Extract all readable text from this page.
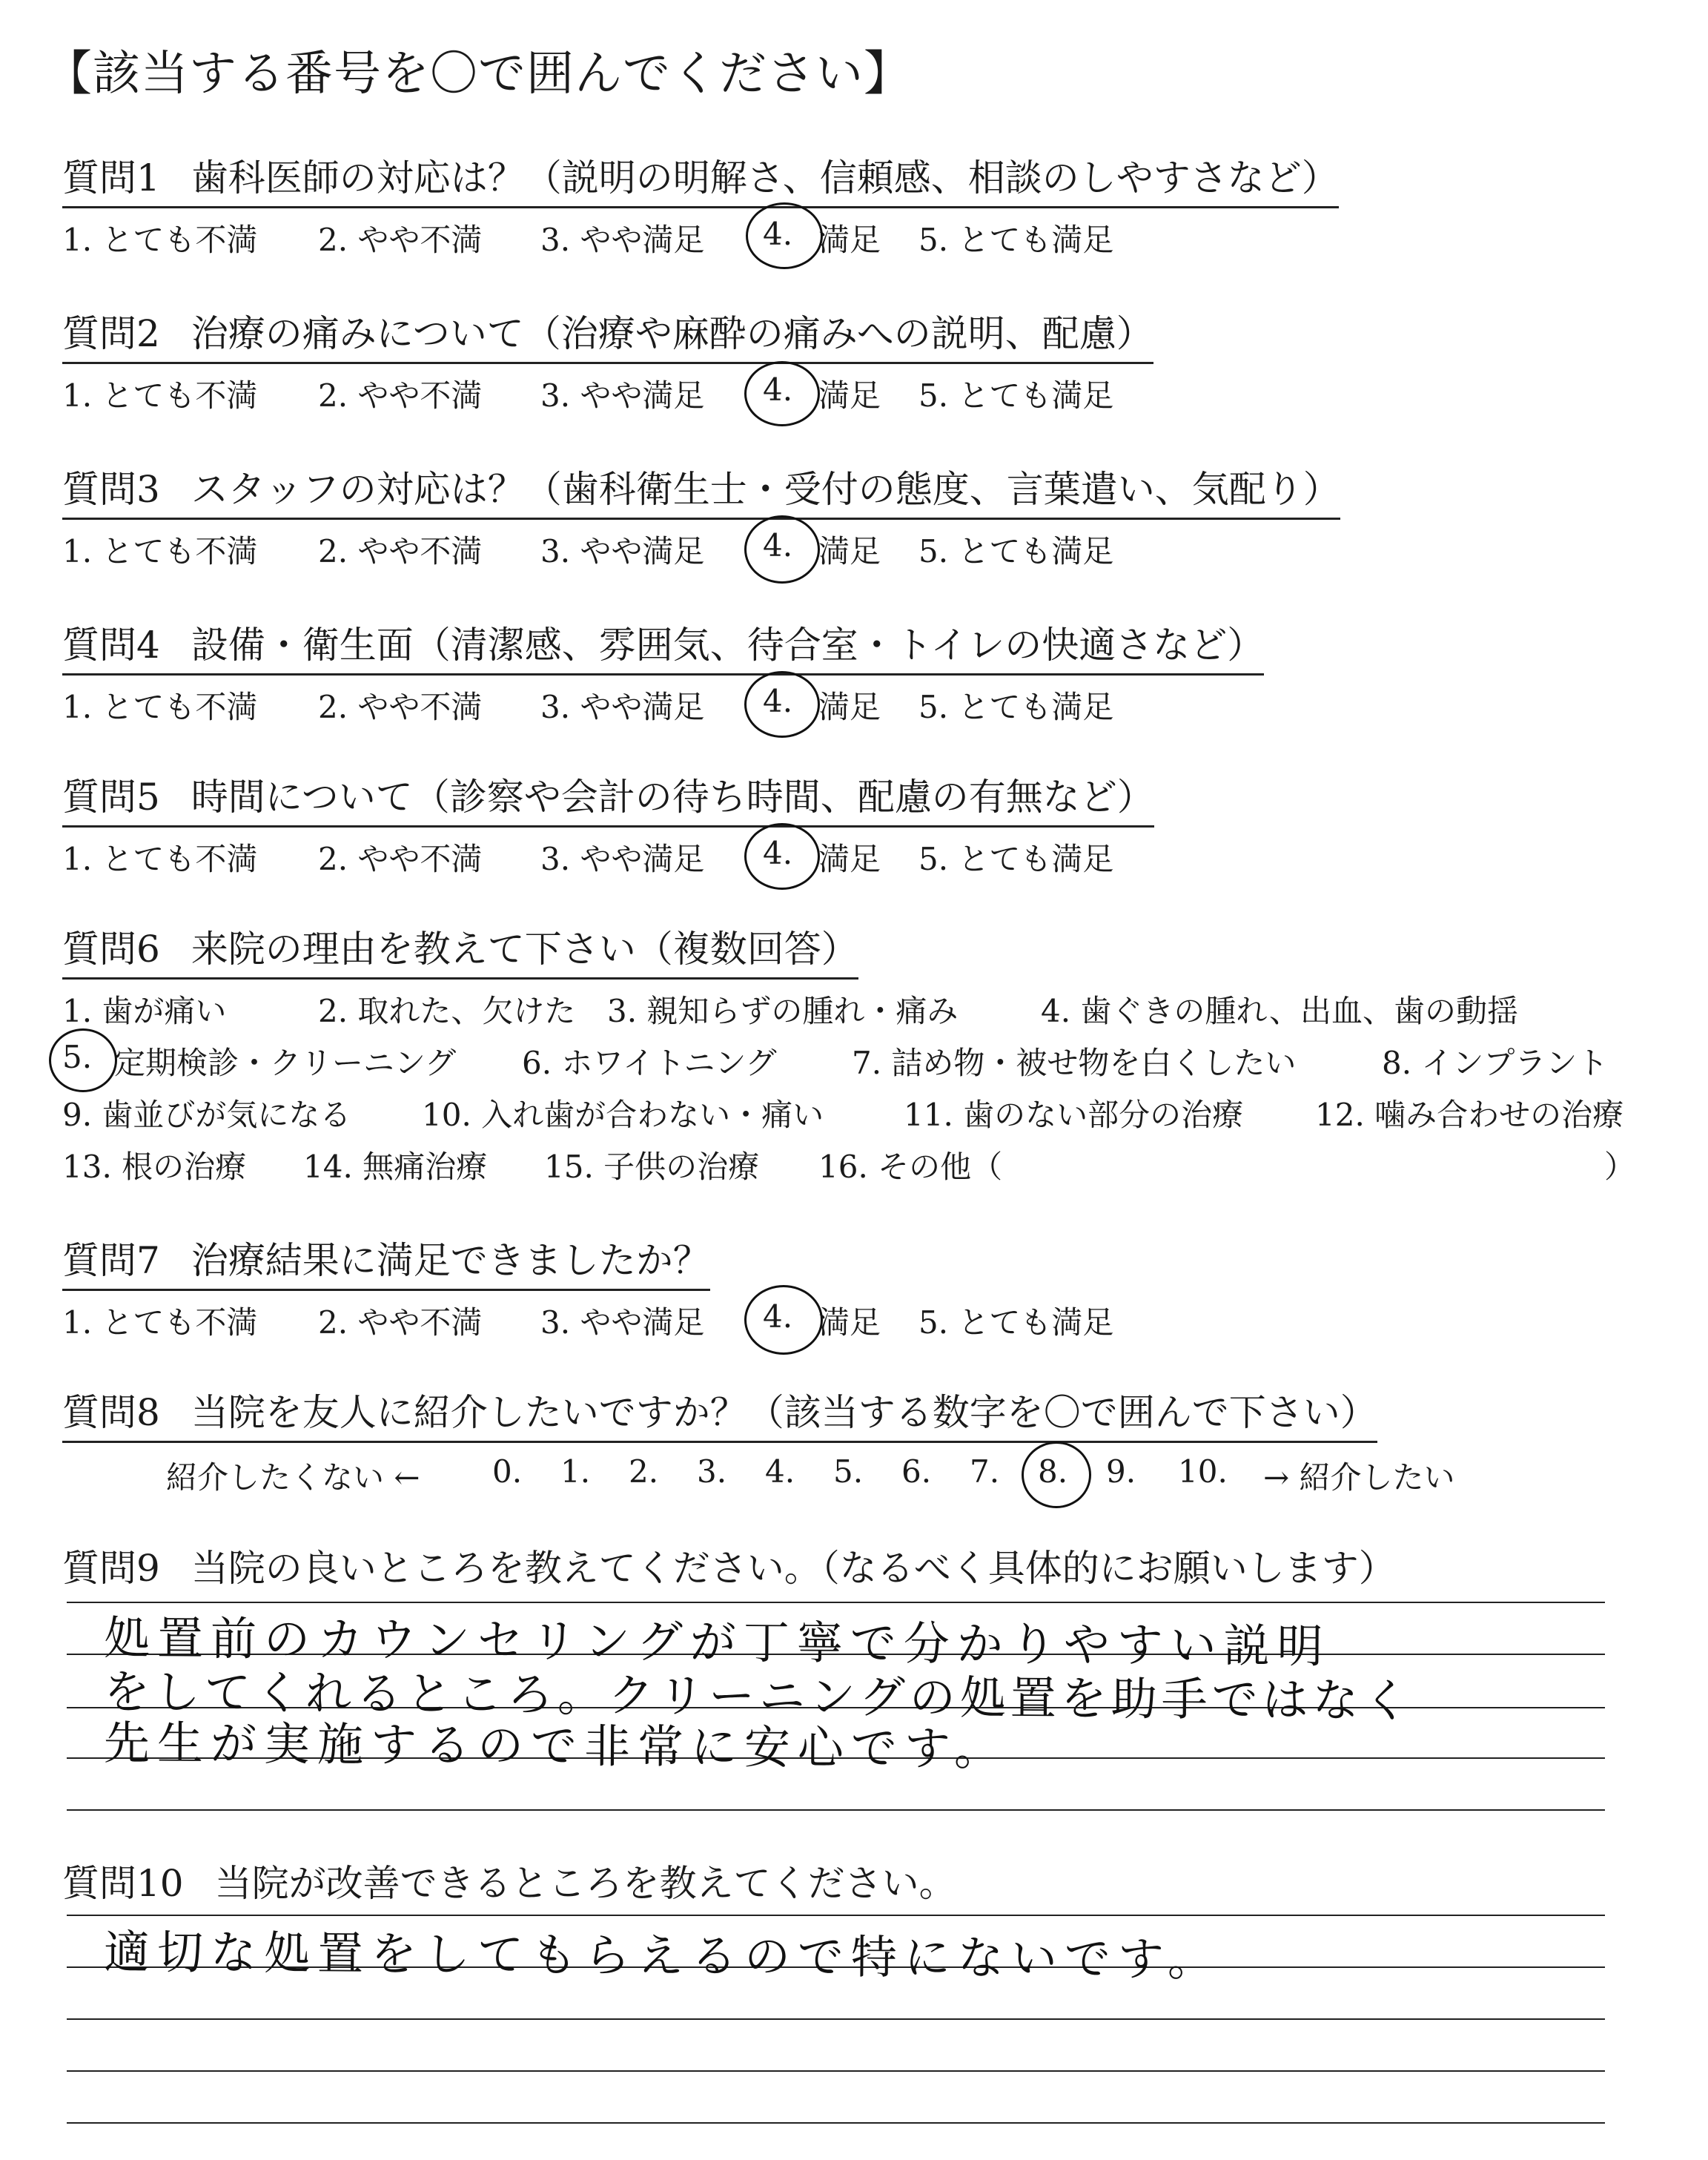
【該当する番号を〇で囲んでください】
質問1 歯科医師の対応は？（説明の明解さ、信頼感、相談のしやすさなど）
1. とても不満 2. やや不満 3. やや満足 4. 満足 5. とても満足
質問2 治療の痛みについて（治療や麻酔の痛みへの説明、配慮）
1. とても不満 2. やや不満 3. やや満足 4. 満足 5. とても満足
質問3 スタッフの対応は？（歯科衛生士・受付の態度、言葉遣い、気配り）
1. とても不満 2. やや不満 3. やや満足 4. 満足 5. とても満足
質問4 設備・衛生面（清潔感、雰囲気、待合室・トイレの快適さなど）
1. とても不満 2. やや不満 3. やや満足 4. 満足 5. とても満足
質問5 時間について（診察や会計の待ち時間、配慮の有無など）
1. とても不満 2. やや不満 3. やや満足 4. 満足 5. とても満足
質問6 来院の理由を教えて下さい（複数回答）
1. 歯が痛い	2. 取れた、欠けた 3. 親知らずの腫れ・痛み	4. 歯ぐきの腫れ、出血、歯の動揺
5. 定期検診・クリーニング 6. ホワイトニング 7. 詰め物・被せ物を白くしたい	8. インプラント
9. 歯並びが気になる 10. 入れ歯が合わない・痛い	11. 歯のない部分の治療 12. 噛み合わせの治療
13. 根の治療 14. 無痛治療 15. 子供の治療 16. その他（	）
質問7 治療結果に満足できましたか？
1. とても不満 2. やや不満 3. やや満足 4. 満足 5. とても満足
質問8 当院を友人に紹介したいですか？（該当する数字を〇で囲んで下さい）
紹介したくない ← 0. 1. 2. 3. 4. 5. 6. 7. 8. 9. 10. → 紹介したい
質問9 当院の良いところを教えてください。（なるべく具体的にお願いします）
処置前のカウンセリングが丁寧で分かりやすい説明
をしてくれるところ。クリーニングの処置を助手ではなく
先生が実施するので非常に安心です。
質問10 当院が改善できるところを教えてください。
適切な処置をしてもらえるので特にないです。
